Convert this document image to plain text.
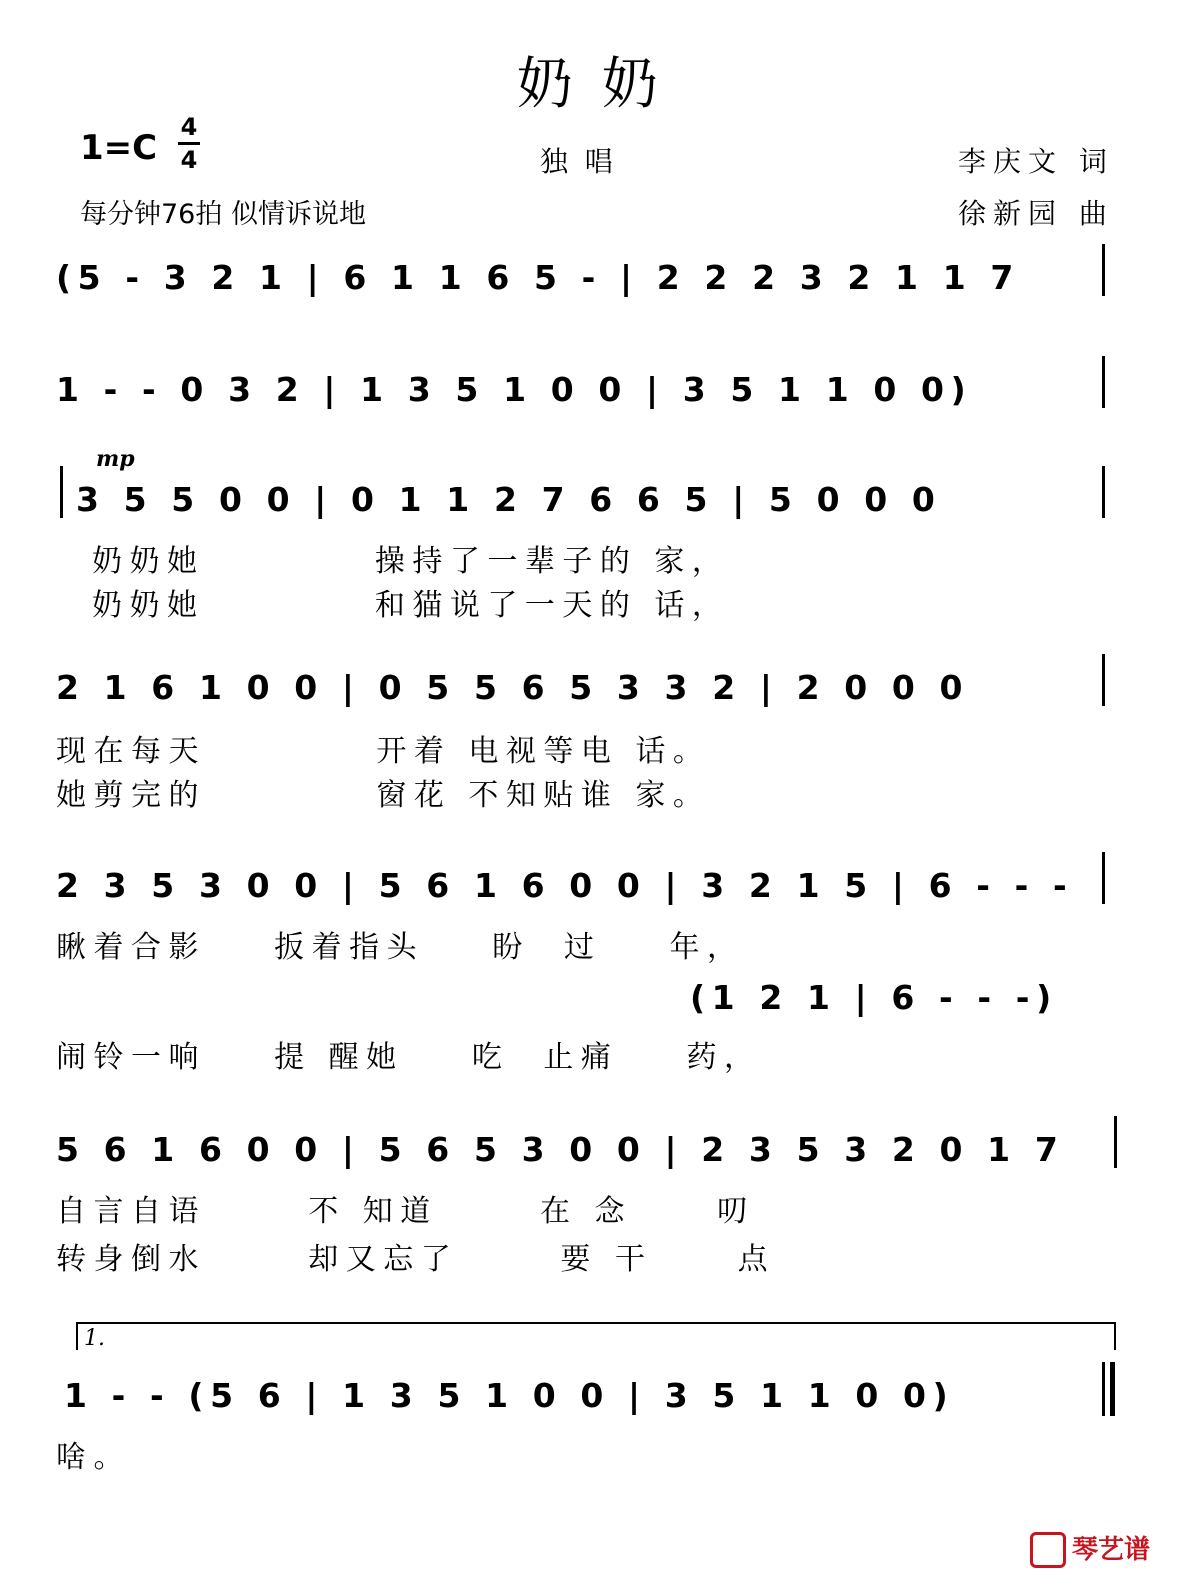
奶 奶
1=C
4
4	独唱
每分钟76拍 似情诉说地
李庆文 词
徐新园 曲
(5 - 3 2 1 | 6 1 1 6 5 - | 2 2 2 3 2 1 1 7
1 - - 0 3 2 | 1 3 5 1 0 0 | 3 5 1 1 0 0)
mp
3 5 5 0 0 | 0 1 1 2 7 6 6 5 | 5 0 0 0
奶奶她          操持了一辈子的 家，
奶奶她          和猫说了一天的 话，
2 1 6 1 0 0 | 0 5 5 6 5 3 3 2 | 2 0 0 0
现在每天          开着 电视等电 话。
她剪完的          窗花 不知贴谁 家。
2 3 5 3 0 0 | 5 6 1 6 0 0 | 3 2 1 5 | 6 - - -
瞅着合影    扳着指头    盼  过    年，
(1 2 1 | 6 - - -)
闹铃一响    提 醒她    吃  止痛    药，
5 6 1 6 0 0 | 5 6 5 3 0 0 | 2 3 5 3 2 0 1 7
自言自语      不 知道      在 念     叨
转身倒水      却又忘了      要 干     点
1.
1 - - (5 6 | 1 3 5 1 0 0 | 3 5 1 1 0 0)
啥。
琴艺谱
